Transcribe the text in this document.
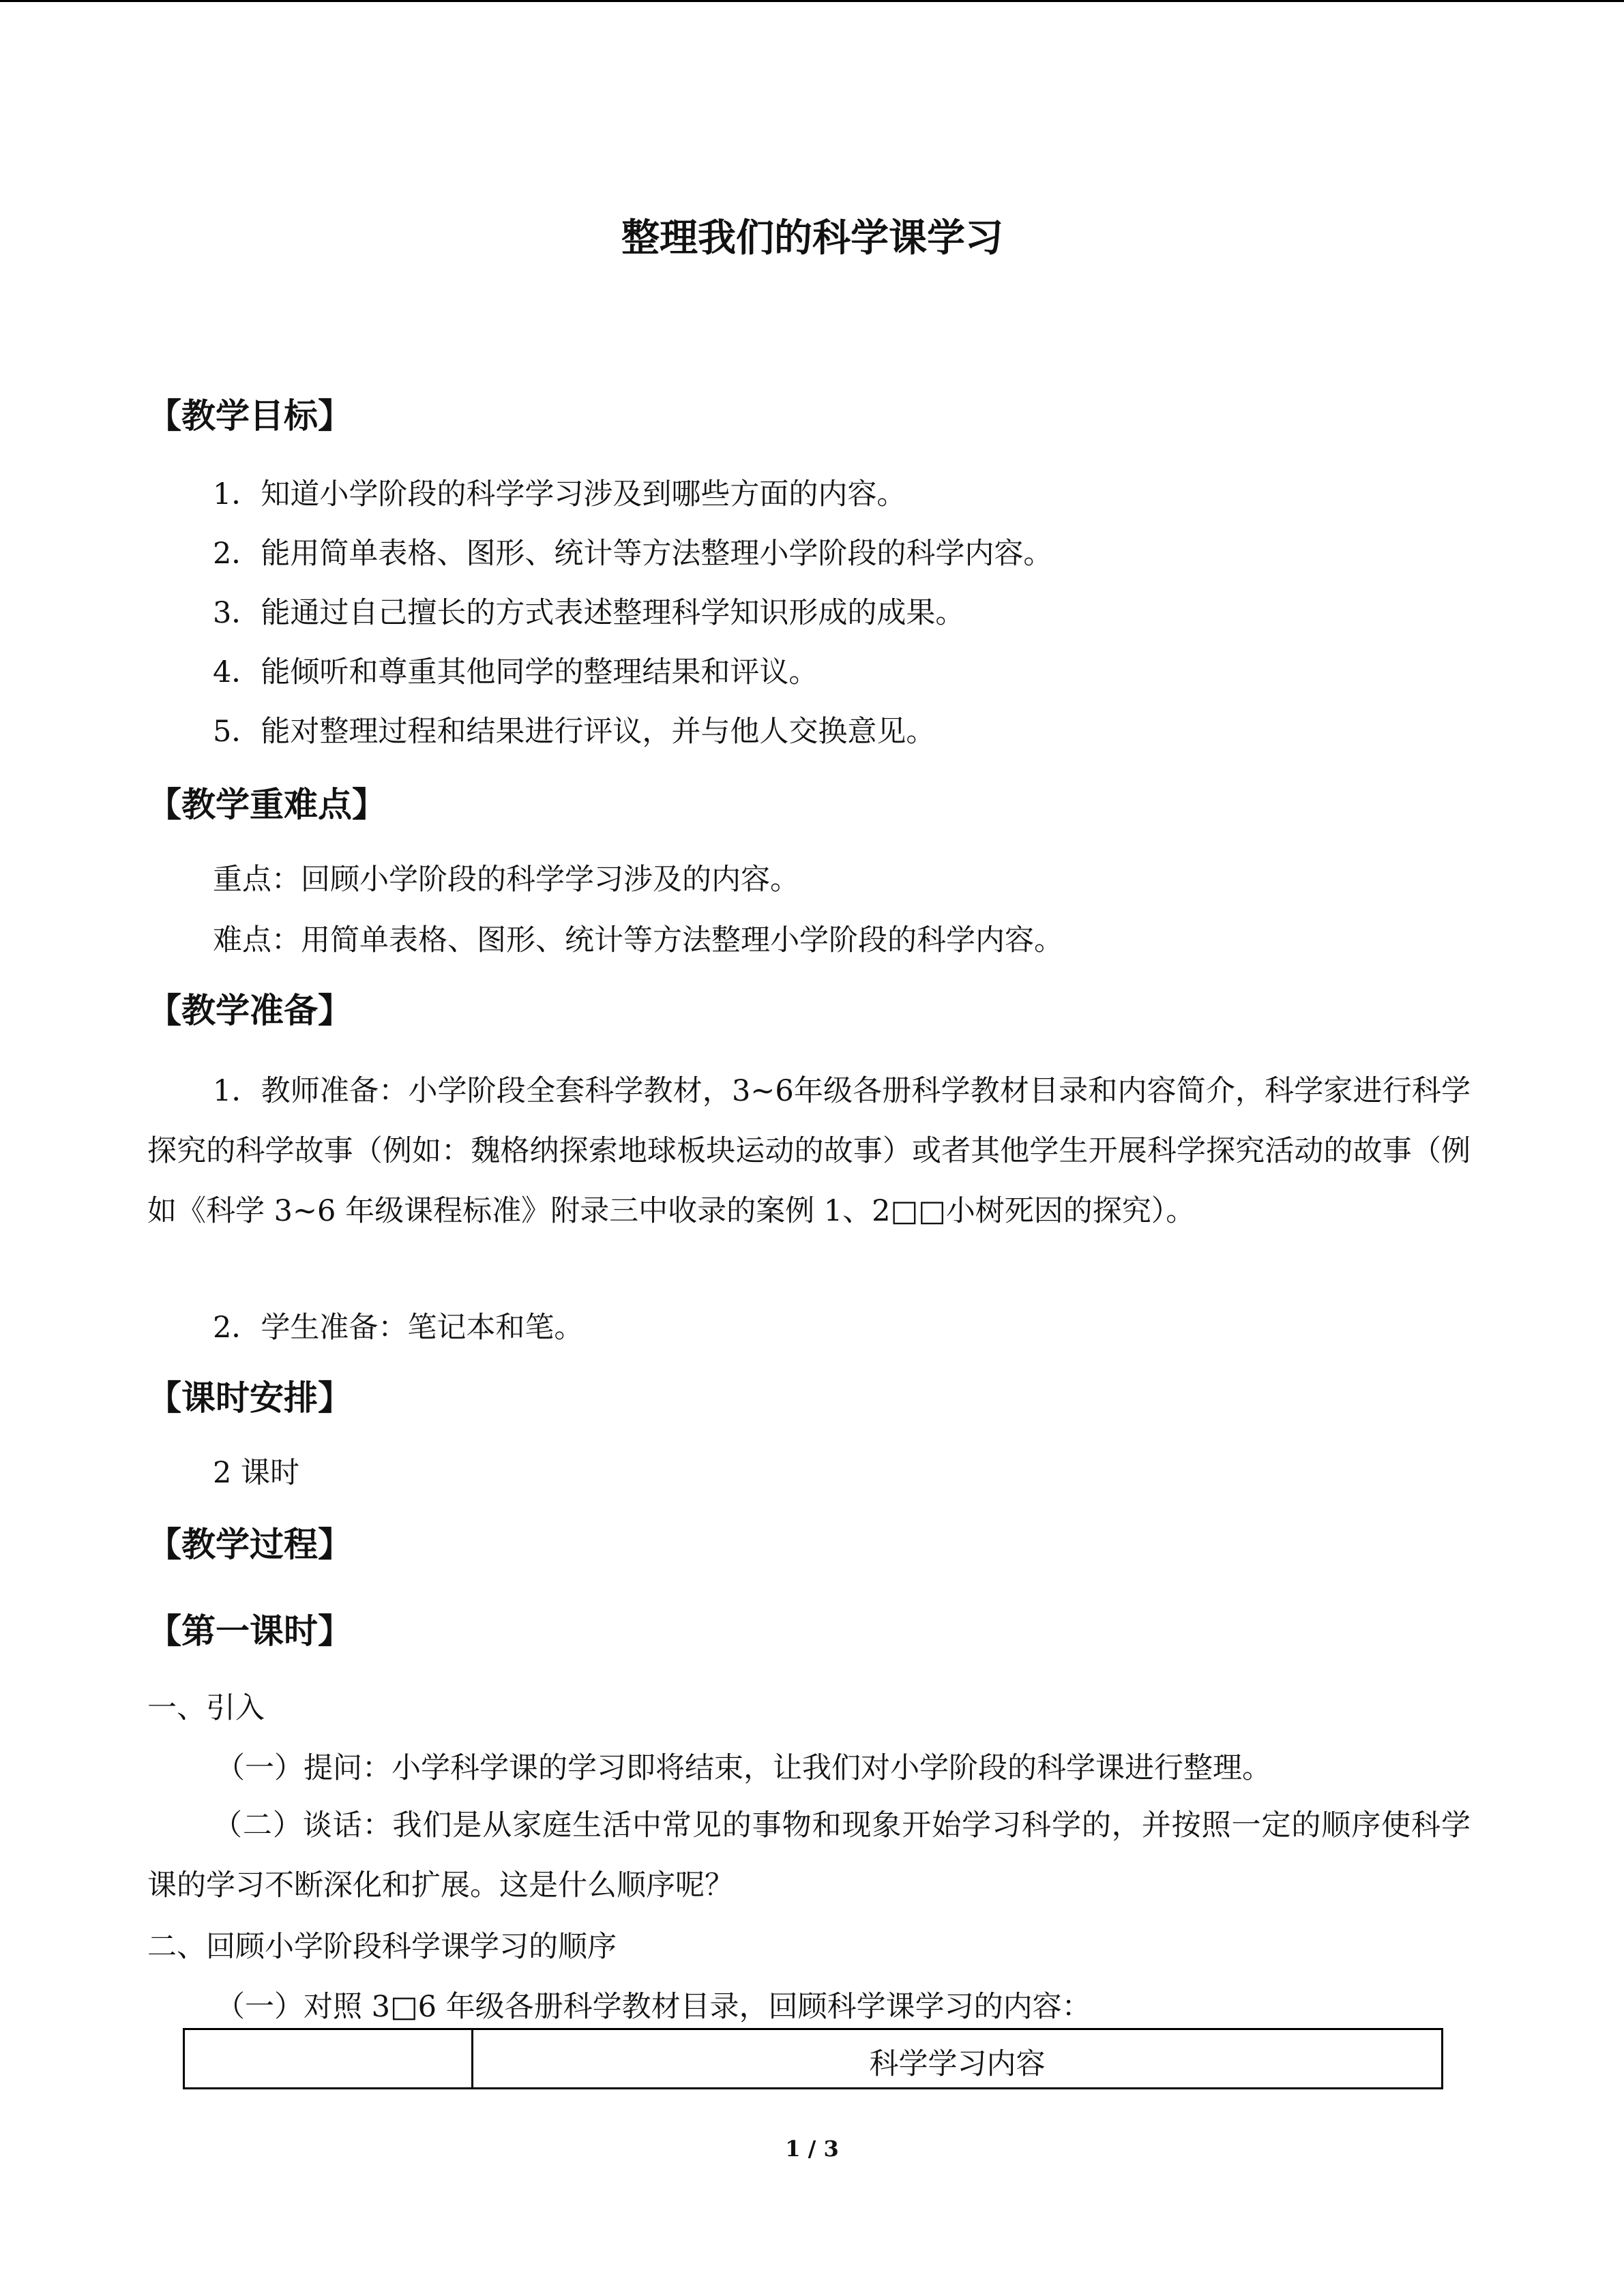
整理我们的科学课学习
【教学目标】
1．知道小学阶段的科学学习涉及到哪些方面的内容。
2．能用简单表格、图形、统计等方法整理小学阶段的科学内容。
3．能通过自己擅长的方式表述整理科学知识形成的成果。
4．能倾听和尊重其他同学的整理结果和评议。
5．能对整理过程和结果进行评议，并与他人交换意见。
【教学重难点】
重点：回顾小学阶段的科学学习涉及的内容。
难点：用简单表格、图形、统计等方法整理小学阶段的科学内容。
【教学准备】
1．教师准备：小学阶段全套科学教材，3~6年级各册科学教材目录和内容简介，科学家进行科学探究的科学故事（例如：魏格纳探索地球板块运动的故事）或者其他学生开展科学探究活动的故事（例如《科学 3~6 年级课程标准》附录三中收录的案例 1、2□□小树死因的探究）。
2．学生准备：笔记本和笔。
【课时安排】
2 课时
【教学过程】
【第一课时】
一、引入
（一）提问：小学科学课的学习即将结束，让我们对小学阶段的科学课进行整理。
（二）谈话：我们是从家庭生活中常见的事物和现象开始学习科学的，并按照一定的顺序使科学课的学习不断深化和扩展。这是什么顺序呢？
二、回顾小学阶段科学课学习的顺序
（一）对照 3□6 年级各册科学教材目录，回顾科学课学习的内容：
科学学习内容
1 / 3
